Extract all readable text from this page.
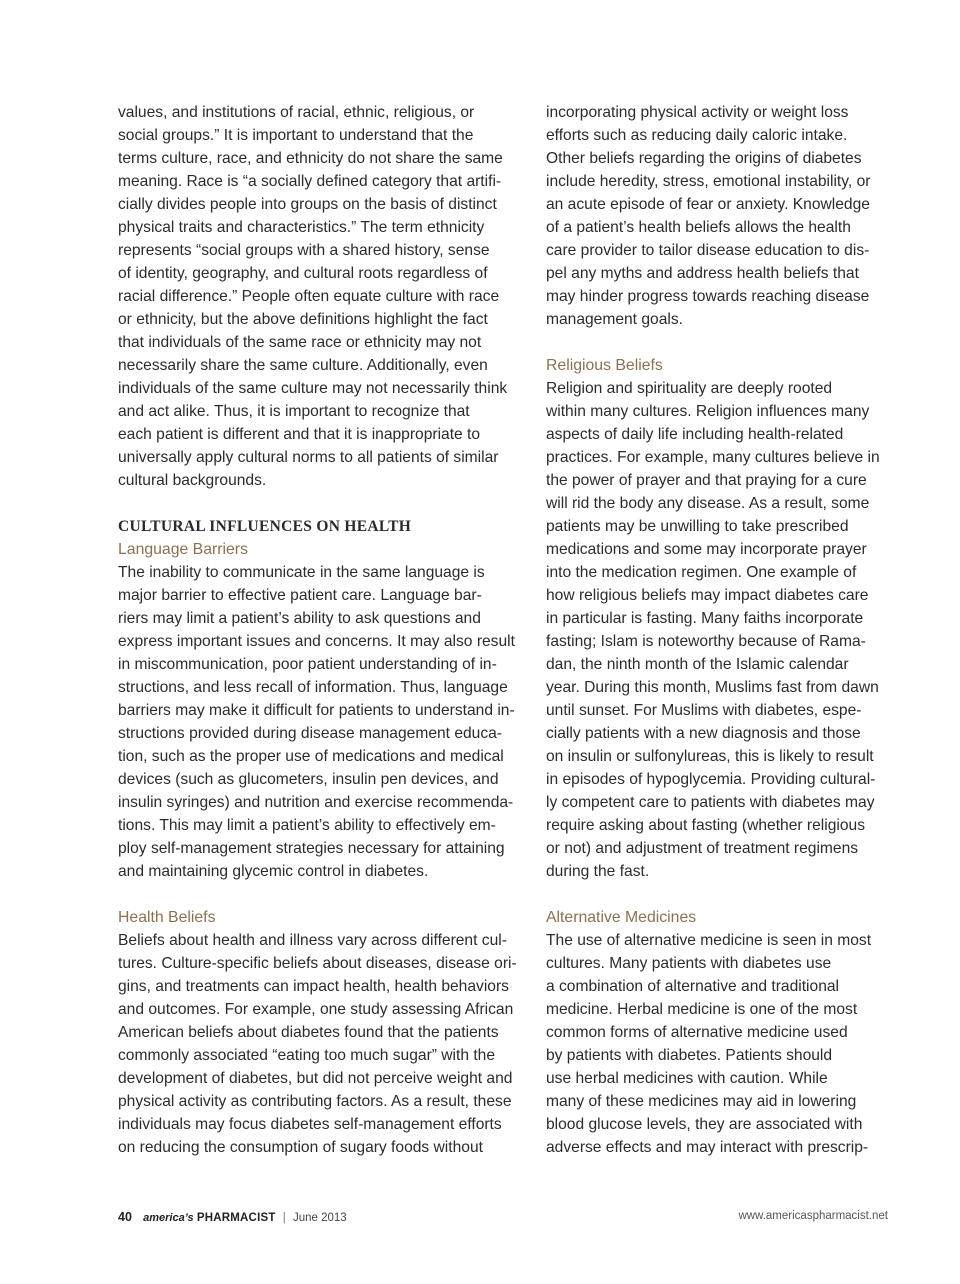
values, and institutions of racial, ethnic, religious, or
social groups.” It is important to understand that the
terms culture, race, and ethnicity do not share the same
meaning. Race is “a socially defined category that artifi-
cially divides people into groups on the basis of distinct
physical traits and characteristics.” The term ethnicity
represents “social groups with a shared history, sense
of identity, geography, and cultural roots regardless of
racial difference.” People often equate culture with race
or ethnicity, but the above definitions highlight the fact
that individuals of the same race or ethnicity may not
necessarily share the same culture. Additionally, even
individuals of the same culture may not necessarily think
and act alike. Thus, it is important to recognize that
each patient is different and that it is inappropriate to
universally apply cultural norms to all patients of similar
cultural backgrounds.
CULTURAL INFLUENCES ON HEALTH
Language Barriers
The inability to communicate in the same language is
major barrier to effective patient care. Language bar-
riers may limit a patient’s ability to ask questions and
express important issues and concerns. It may also result
in miscommunication, poor patient understanding of in-
structions, and less recall of information. Thus, language
barriers may make it difficult for patients to understand in-
structions provided during disease management educa-
tion, such as the proper use of medications and medical
devices (such as glucometers, insulin pen devices, and
insulin syringes) and nutrition and exercise recommenda-
tions. This may limit a patient’s ability to effectively em-
ploy self-management strategies necessary for attaining
and maintaining glycemic control in diabetes.
Health Beliefs
Beliefs about health and illness vary across different cul-
tures. Culture-specific beliefs about diseases, disease ori-
gins, and treatments can impact health, health behaviors
and outcomes. For example, one study assessing African
American beliefs about diabetes found that the patients
commonly associated “eating too much sugar” with the
development of diabetes, but did not perceive weight and
physical activity as contributing factors. As a result, these
individuals may focus diabetes self-management efforts
on reducing the consumption of sugary foods without
incorporating physical activity or weight loss
efforts such as reducing daily caloric intake.
Other beliefs regarding the origins of diabetes
include heredity, stress, emotional instability, or
an acute episode of fear or anxiety. Knowledge
of a patient’s health beliefs allows the health
care provider to tailor disease education to dis-
pel any myths and address health beliefs that
may hinder progress towards reaching disease
management goals.
Religious Beliefs
Religion and spirituality are deeply rooted
within many cultures. Religion influences many
aspects of daily life including health-related
practices. For example, many cultures believe in
the power of prayer and that praying for a cure
will rid the body any disease. As a result, some
patients may be unwilling to take prescribed
medications and some may incorporate prayer
into the medication regimen. One example of
how religious beliefs may impact diabetes care
in particular is fasting. Many faiths incorporate
fasting; Islam is noteworthy because of Rama-
dan, the ninth month of the Islamic calendar
year. During this month, Muslims fast from dawn
until sunset. For Muslims with diabetes, espe-
cially patients with a new diagnosis and those
on insulin or sulfonylureas, this is likely to result
in episodes of hypoglycemia. Providing cultural-
ly competent care to patients with diabetes may
require asking about fasting (whether religious
or not) and adjustment of treatment regimens
during the fast.
Alternative Medicines
The use of alternative medicine is seen in most
cultures. Many patients with diabetes use
a combination of alternative and traditional
medicine. Herbal medicine is one of the most
common forms of alternative medicine used
by patients with diabetes. Patients should
use herbal medicines with caution. While
many of these medicines may aid in lowering
blood glucose levels, they are associated with
adverse effects and may interact with prescrip-
40 america’s PHARMACIST | June 2013	www.americaspharmacist.net
